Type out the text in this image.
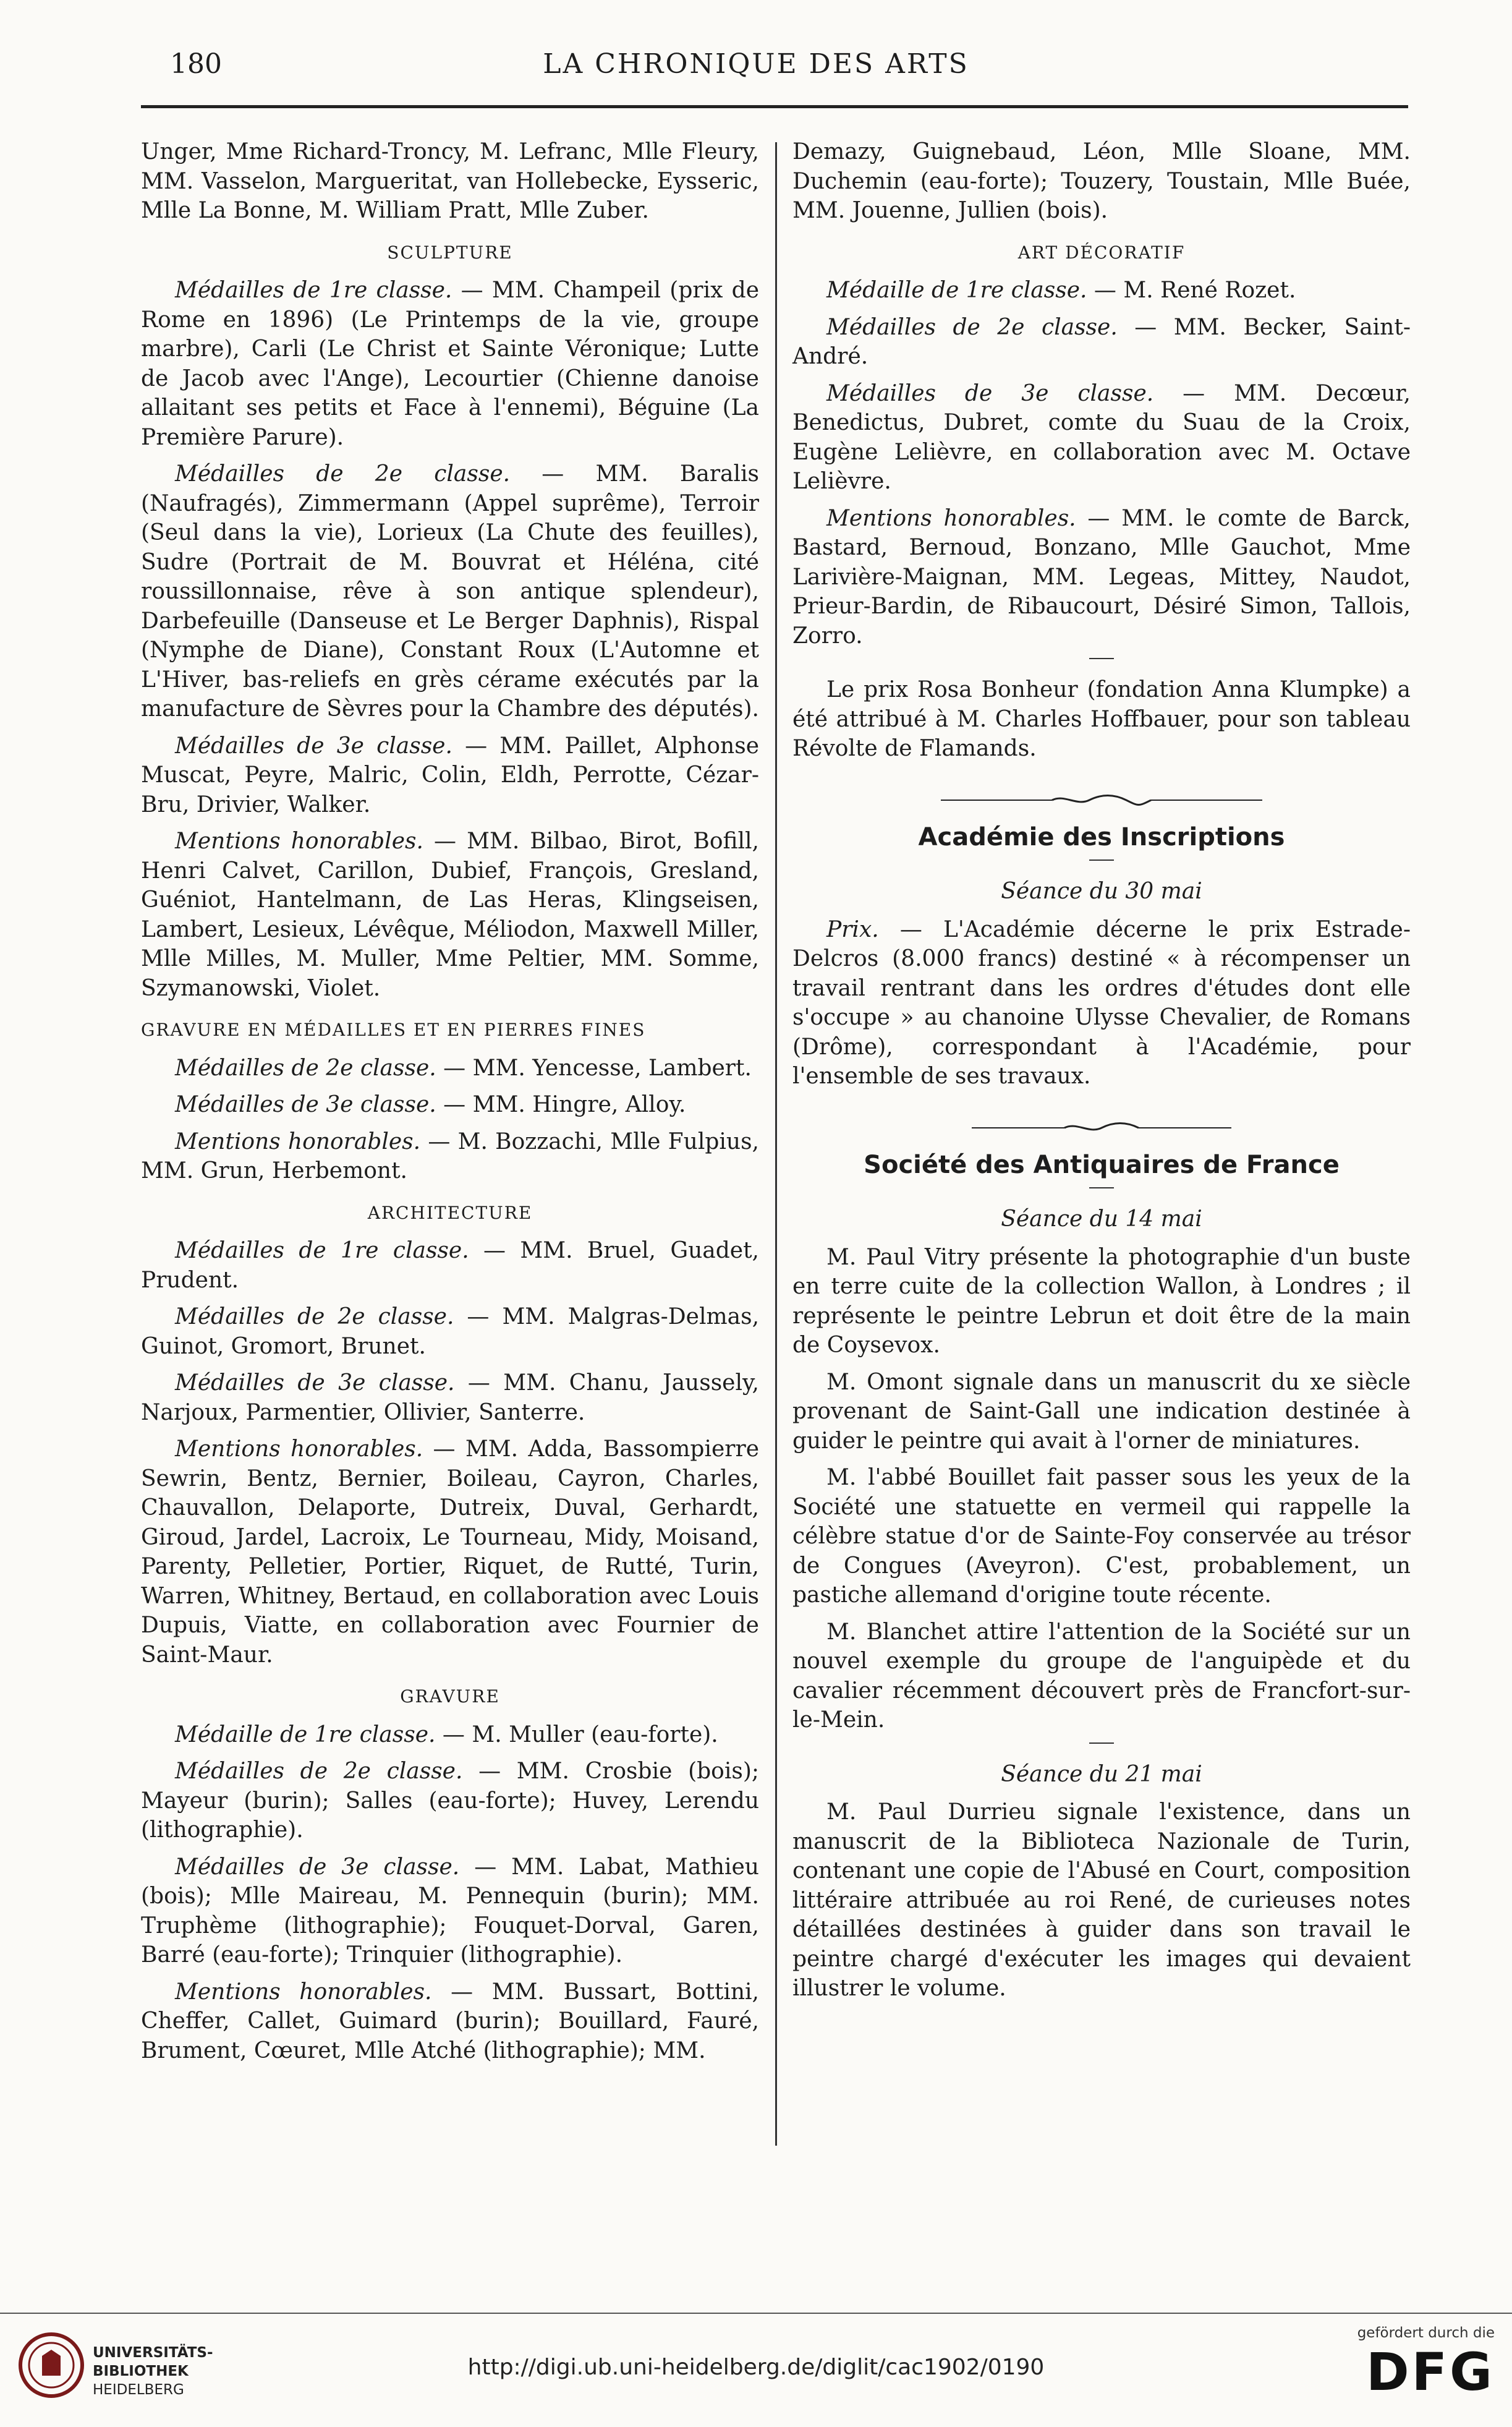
180	LA CHRONIQUE DES ARTS

Unger, Mme Richard-Troncy, M. Lefranc, Mlle Fleury, MM. Vasselon, Margueritat, van Hollebecke, Eysseric, Mlle La Bonne, M. William Pratt, Mlle Zuber.

SCULPTURE

Médailles de 1re classe. — MM. Champeil (prix de Rome en 1896) (Le Printemps de la vie, groupe marbre), Carli (Le Christ et Sainte Véronique; Lutte de Jacob avec l'Ange), Lecourtier (Chienne danoise allaitant ses petits et Face à l'ennemi), Béguine (La Première Parure).

Médailles de 2e classe. — MM. Baralis (Naufragés), Zimmermann (Appel suprême), Terroir (Seul dans la vie), Lorieux (La Chute des feuilles), Sudre (Portrait de M. Bouvrat et Héléna, cité roussillonnaise, rêve à son antique splendeur), Darbefeuille (Danseuse et Le Berger Daphnis), Rispal (Nymphe de Diane), Constant Roux (L'Automne et L'Hiver, bas-reliefs en grès cérame exécutés par la manufacture de Sèvres pour la Chambre des députés).

Médailles de 3e classe. — MM. Paillet, Alphonse Muscat, Peyre, Malric, Colin, Eldh, Perrotte, Cézar-Bru, Drivier, Walker.

Mentions honorables. — MM. Bilbao, Birot, Bofill, Henri Calvet, Carillon, Dubief, François, Gresland, Guéniot, Hantelmann, de Las Heras, Klingseisen, Lambert, Lesieux, Lévêque, Méliodon, Maxwell Miller, Mlle Milles, M. Muller, Mme Peltier, MM. Somme, Szymanowski, Violet.

GRAVURE EN MÉDAILLES ET EN PIERRES FINES

Médailles de 2e classe. — MM. Yencesse, Lambert.

Médailles de 3e classe. — MM. Hingre, Alloy.

Mentions honorables. — M. Bozzachi, Mlle Fulpius, MM. Grun, Herbemont.

ARCHITECTURE

Médailles de 1re classe. — MM. Bruel, Guadet, Prudent.

Médailles de 2e classe. — MM. Malgras-Delmas, Guinot, Gromort, Brunet.

Médailles de 3e classe. — MM. Chanu, Jaussely, Narjoux, Parmentier, Ollivier, Santerre.

Mentions honorables. — MM. Adda, Bassompierre Sewrin, Bentz, Bernier, Boileau, Cayron, Charles, Chauvallon, Delaporte, Dutreix, Duval, Gerhardt, Giroud, Jardel, Lacroix, Le Tourneau, Midy, Moisand, Parenty, Pelletier, Portier, Riquet, de Rutté, Turin, Warren, Whitney, Bertaud, en collaboration avec Louis Dupuis, Viatte, en collaboration avec Fournier de Saint-Maur.

GRAVURE

Médaille de 1re classe. — M. Muller (eau-forte).

Médailles de 2e classe. — MM. Crosbie (bois); Mayeur (burin); Salles (eau-forte); Huvey, Lerendu (lithographie).

Médailles de 3e classe. — MM. Labat, Mathieu (bois); Mlle Maireau, M. Pennequin (burin); MM. Truphème (lithographie); Fouquet-Dorval, Garen, Barré (eau-forte); Trinquier (lithographie).

Mentions honorables. — MM. Bussart, Bottini, Cheffer, Callet, Guimard (burin); Bouillard, Fauré, Brument, Cœuret, Mlle Atché (lithographie); MM.

Demazy, Guignebaud, Léon, Mlle Sloane, MM. Duchemin (eau-forte); Touzery, Toustain, Mlle Buée, MM. Jouenne, Jullien (bois).

ART DÉCORATIF

Médaille de 1re classe. — M. René Rozet.

Médailles de 2e classe. — MM. Becker, Saint-André.

Médailles de 3e classe. — MM. Decœur, Benedictus, Dubret, comte du Suau de la Croix, Eugène Lelièvre, en collaboration avec M. Octave Lelièvre.

Mentions honorables. — MM. le comte de Barck, Bastard, Bernoud, Bonzano, Mlle Gauchot, Mme Larivière-Maignan, MM. Legeas, Mittey, Naudot, Prieur-Bardin, de Ribaucourt, Désiré Simon, Tallois, Zorro.

Le prix Rosa Bonheur (fondation Anna Klumpke) a été attribué à M. Charles Hoffbauer, pour son tableau Révolte de Flamands.

Académie des Inscriptions
Séance du 30 mai

Prix. — L'Académie décerne le prix Estrade-Delcros (8.000 francs) destiné « à récompenser un travail rentrant dans les ordres d'études dont elle s'occupe » au chanoine Ulysse Chevalier, de Romans (Drôme), correspondant à l'Académie, pour l'ensemble de ses travaux.

Société des Antiquaires de France
Séance du 14 mai

M. Paul Vitry présente la photographie d'un buste en terre cuite de la collection Wallon, à Londres ; il représente le peintre Lebrun et doit être de la main de Coysevox.

M. Omont signale dans un manuscrit du xe siècle provenant de Saint-Gall une indication destinée à guider le peintre qui avait à l'orner de miniatures.

M. l'abbé Bouillet fait passer sous les yeux de la Société une statuette en vermeil qui rappelle la célèbre statue d'or de Sainte-Foy conservée au trésor de Congues (Aveyron). C'est, probablement, un pastiche allemand d'origine toute récente.

M. Blanchet attire l'attention de la Société sur un nouvel exemple du groupe de l'anguipède et du cavalier récemment découvert près de Francfort-sur-le-Mein.

Séance du 21 mai

M. Paul Durrieu signale l'existence, dans un manuscrit de la Biblioteca Nazionale de Turin, contenant une copie de l'Abusé en Court, composition littéraire attribuée au roi René, de curieuses notes détaillées destinées à guider dans son travail le peintre chargé d'exécuter les images qui devaient illustrer le volume.

UNIVERSITÄTS-
BIBLIOTHEK
HEIDELBERG
http://digi.ub.uni-heidelberg.de/diglit/cac1902/0190
gefördert durch die
DFG
